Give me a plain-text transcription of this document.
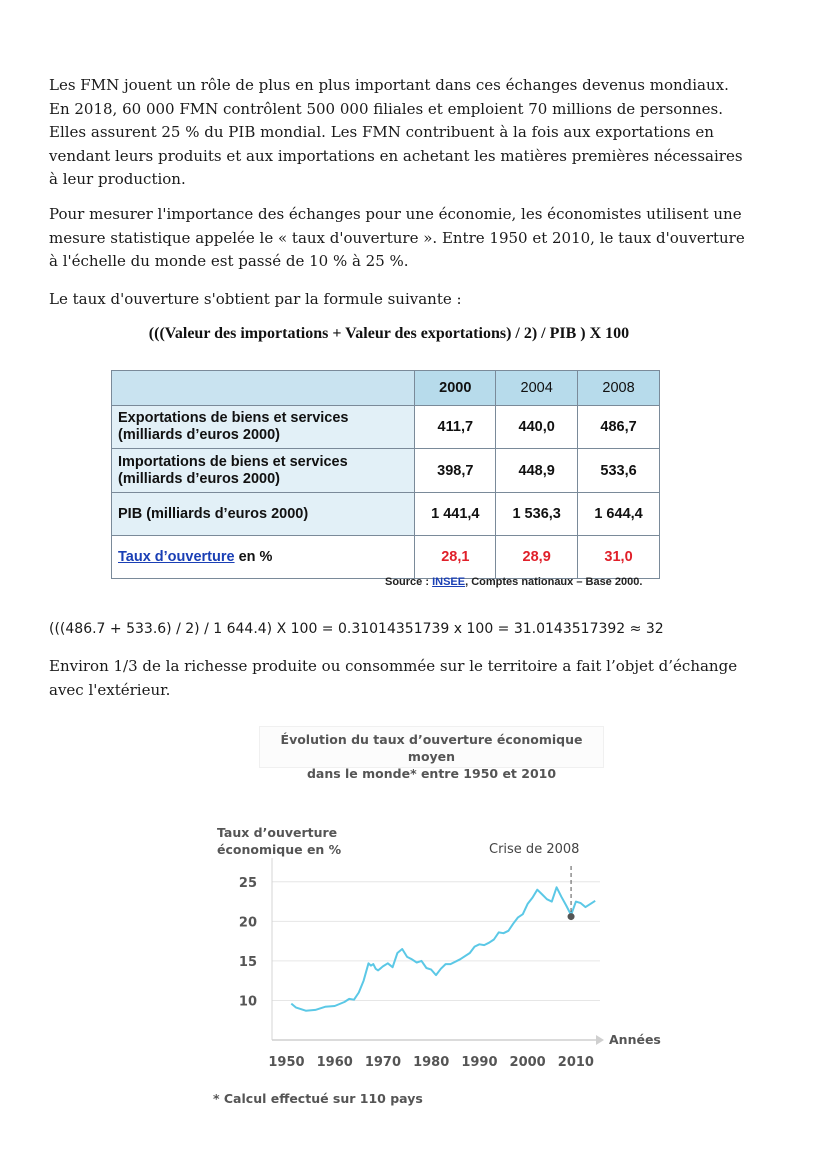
Les FMN jouent un rôle de plus en plus important dans ces échanges devenus mondiaux. En 2018, 60 000 FMN contrôlent 500 000 filiales et emploient 70 millions de personnes. Elles assurent 25 % du PIB mondial. Les FMN contribuent à la fois aux exportations en vendant leurs produits et aux importations en achetant les matières premières nécessaires à leur production.

Pour mesurer l'importance des échanges pour une économie, les économistes utilisent une mesure statistique appelée le « taux d'ouverture ». Entre 1950 et 2010, le taux d'ouverture à l'échelle du monde est passé de 10 % à 25 %.

Le taux d'ouverture s'obtient par la formule suivante :

(((Valeur des importations + Valeur des exportations) / 2) / PIB ) X 100
	2000	2004	2008
Exportations de biens et services
(milliards d’euros 2000)	411,7	440,0	486,7
Importations de biens et services
(milliards d’euros 2000)	398,7	448,9	533,6
PIB (milliards d’euros 2000)	1 441,4	1 536,3	1 644,4
Taux d’ouverture en %	28,1	28,9	31,0
Source : INSEE, Comptes nationaux – Base 2000.

(((486.7 + 533.6) / 2) / 1 644.4) X 100 = 0.31014351739 x 100 = 31.0143517392 ≈ 32

Environ 1/3 de la richesse produite ou consommée sur le territoire a fait l’objet d’échange avec l'extérieur.

Évolution du taux d’ouverture économique moyen
dans le monde* entre 1950 et 2010
Taux d’ouverture
économique en %	Crise de 2008
Années
* Calcul effectué sur 110 pays
10
15
20
25
1950 1960 1970 1980 1990 2000 2010
